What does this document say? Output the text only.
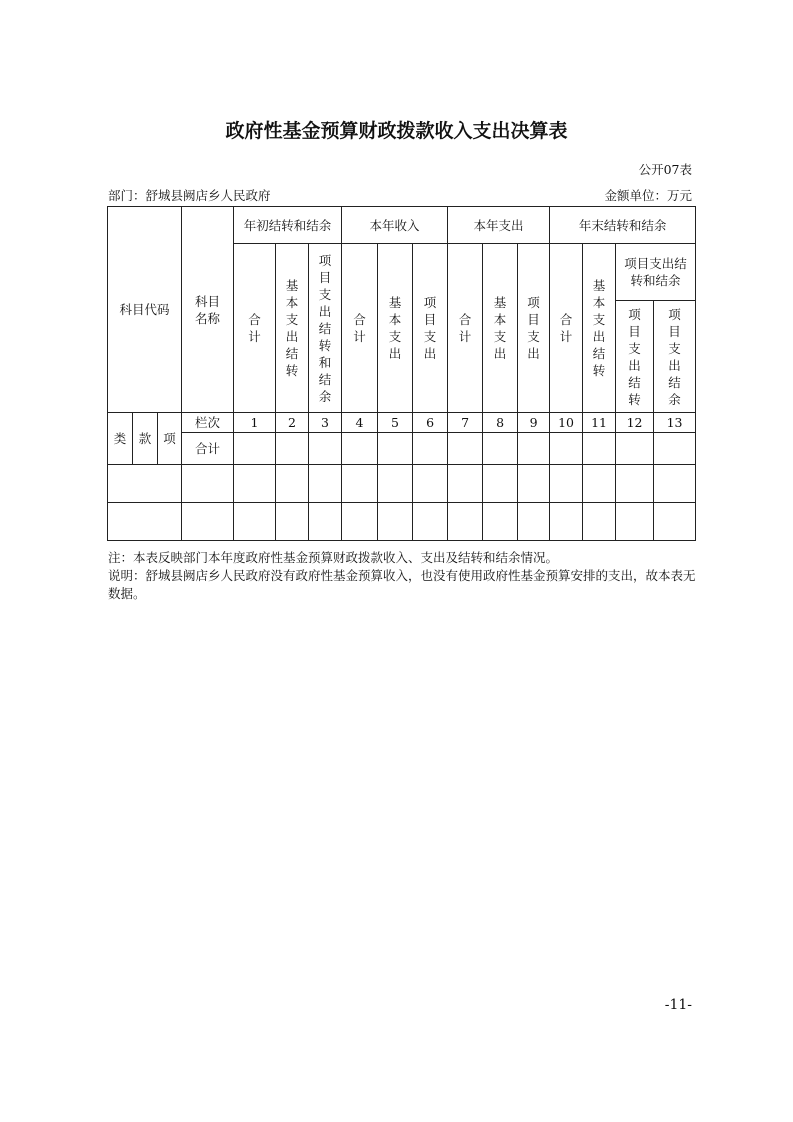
政府性基金预算财政拨款收入支出决算表
公开07表
部门：舒城县阙店乡人民政府	金额单位：万元
科目代码			科目名称	年初结转和结余			本年收入			本年支出			年末结转和结余			
				合计	基本支出结转	项目支出结转和结余	合计	基本支出	项目支出	合计	基本支出	项目支出	合计	基本支出结转	项目支出结转和结余	
															项目支出结转	项目支出结余

类	款	项	栏次	1	2	3	4	5	6	7	8	9	10	11	12	13
			合计													

注：本表反映部门本年度政府性基金预算财政拨款收入、支出及结转和结余情况。
说明：舒城县阙店乡人民政府没有政府性基金预算收入，也没有使用政府性基金预算安排的支出，故本表无数据。
-11-
